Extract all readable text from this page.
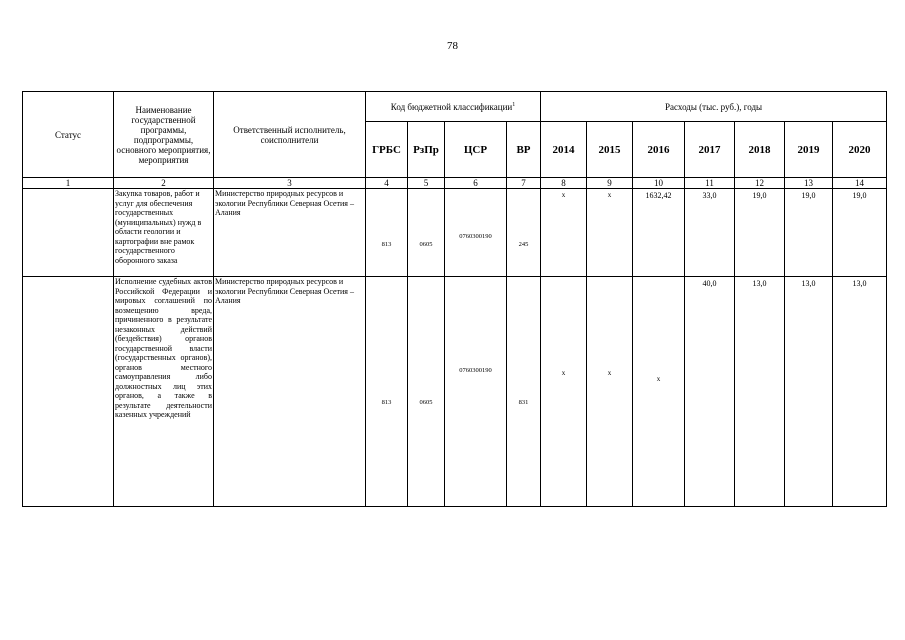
78
Статус	Наименование государственной программы, подпрограммы, основного мероприятия, мероприятия	Ответственный исполнитель, соисполнители	Код бюджетной классификации$^1$				Расходы (тыс. руб.), годы						
			ГРБС	РзПр	ЦСР	ВР	2014	2015	2016	2017	2018	2019	2020
1	2	3	4	5	6	7	8	9	10	11	12	13	14
	Закупка товаров, работ и услуг для обеспечения государственных (муниципальных) нужд в области геологии и картографии вне рамок государственного оборонного заказа	Министерство природных ресурсов и экологии Республики Северная Осетия – Алания	813	0605	0760300190	245	x	x	1632,42	33,0	19,0	19,0	19,0
	Исполнение судебных актов Российской Федерации и мировых соглашений по возмещению вреда, причиненного в результате незаконных действий (бездействия) органов государственной власти (государственных органов), органов местного самоуправления либо должностных лиц этих органов, а также в результате деятельности казенных учреждений	Министерство природных ресурсов и экологии Республики Северная Осетия – Алания	813	0605	0760300190	831	x	x	x	40,0	13,0	13,0	13,0
